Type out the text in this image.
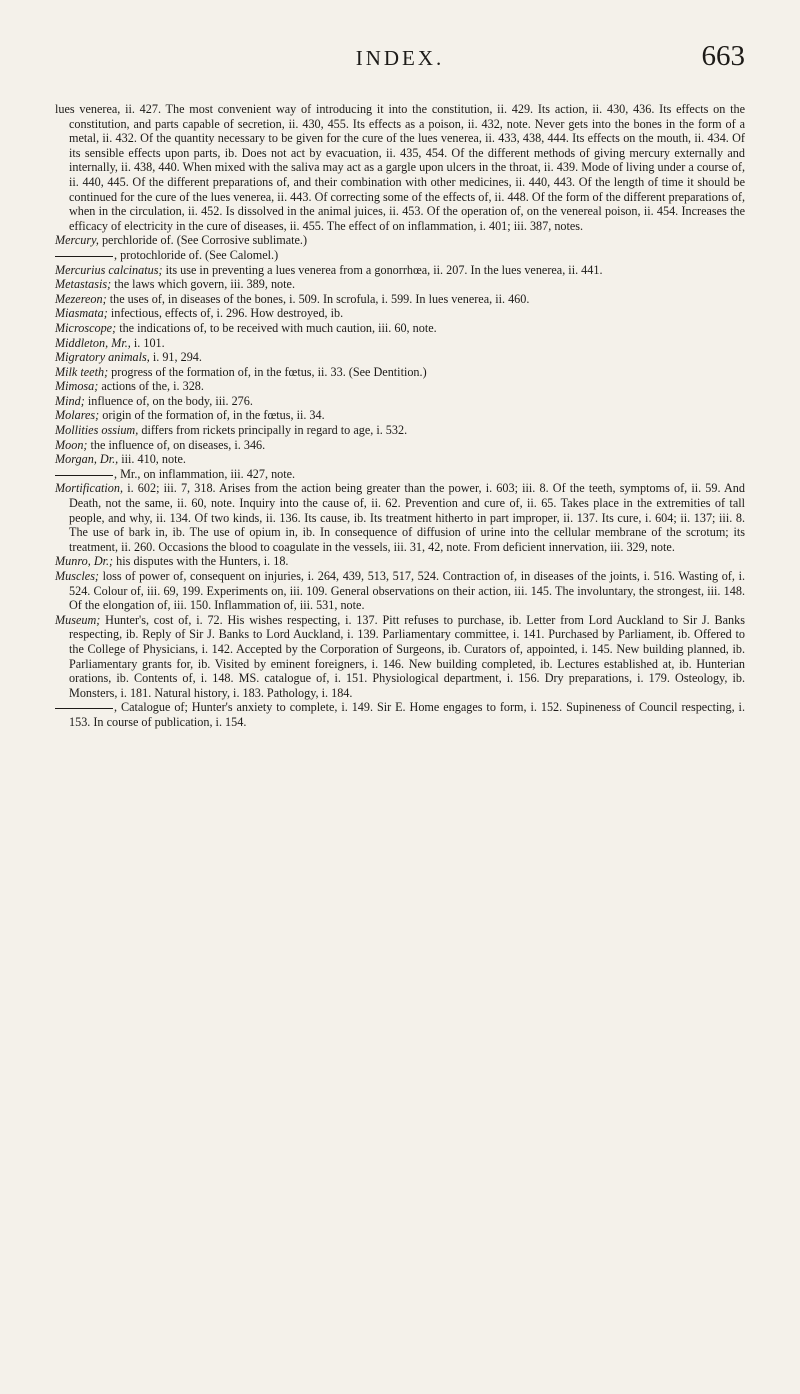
INDEX.	663

lues venerea, ii. 427. The most convenient way of introducing it into the constitution, ii. 429. Its action, ii. 430, 436. Its effects on the constitution, and parts capable of secretion, ii. 430, 455. Its effects as a poison, ii. 432, note. Never gets into the bones in the form of a metal, ii. 432. Of the quantity necessary to be given for the cure of the lues venerea, ii. 433, 438, 444. Its effects on the mouth, ii. 434. Of its sensible effects upon parts, ib. Does not act by evacuation, ii. 435, 454. Of the different methods of giving mercury externally and internally, ii. 438, 440. When mixed with the saliva may act as a gargle upon ulcers in the throat, ii. 439. Mode of living under a course of, ii. 440, 445. Of the different preparations of, and their combination with other medicines, ii. 440, 443. Of the length of time it should be continued for the cure of the lues venerea, ii. 443. Of correcting some of the effects of, ii. 448. Of the form of the different preparations of, when in the circulation, ii. 452. Is dissolved in the animal juices, ii. 453. Of the operation of, on the venereal poison, ii. 454. Increases the efficacy of electricity in the cure of diseases, ii. 455. The effect of on inflammation, i. 401; iii. 387, notes.

Mercury, perchloride of. (See Corrosive sublimate.)

, protochloride of. (See Calomel.)

Mercurius calcinatus; its use in preventing a lues venerea from a gonorrhœa, ii. 207. In the lues venerea, ii. 441.

Metastasis; the laws which govern, iii. 389, note.

Mezereon; the uses of, in diseases of the bones, i. 509. In scrofula, i. 599. In lues venerea, ii. 460.

Miasmata; infectious, effects of, i. 296. How destroyed, ib.

Microscope; the indications of, to be received with much caution, iii. 60, note.

Middleton, Mr., i. 101.

Migratory animals, i. 91, 294.

Milk teeth; progress of the formation of, in the fœtus, ii. 33. (See Dentition.)

Mimosa; actions of the, i. 328.

Mind; influence of, on the body, iii. 276.

Molares; origin of the formation of, in the fœtus, ii. 34.

Mollities ossium, differs from rickets principally in regard to age, i. 532.

Moon; the influence of, on diseases, i. 346.

Morgan, Dr., iii. 410, note.

, Mr., on inflammation, iii. 427, note.

Mortification, i. 602; iii. 7, 318. Arises from the action being greater than the power, i. 603; iii. 8. Of the teeth, symptoms of, ii. 59. And Death, not the same, ii. 60, note. Inquiry into the cause of, ii. 62. Prevention and cure of, ii. 65. Takes place in the extremities of tall people, and why, ii. 134. Of two kinds, ii. 136. Its cause, ib. Its treatment hitherto in part improper, ii. 137. Its cure, i. 604; ii. 137; iii. 8. The use of bark in, ib. The use of opium in, ib. In consequence of diffusion of urine into the cellular membrane of the scrotum; its treatment, ii. 260. Occasions the blood to coagulate in the vessels, iii. 31, 42, note. From deficient innervation, iii. 329, note.

Munro, Dr.; his disputes with the Hunters, i. 18.

Muscles; loss of power of, consequent on injuries, i. 264, 439, 513, 517, 524. Contraction of, in diseases of the joints, i. 516. Wasting of, i. 524. Colour of, iii. 69, 199. Experiments on, iii. 109. General observations on their action, iii. 145. The involuntary, the strongest, iii. 148. Of the elongation of, iii. 150. Inflammation of, iii. 531, note.

Museum; Hunter's, cost of, i. 72. His wishes respecting, i. 137. Pitt refuses to purchase, ib. Letter from Lord Auckland to Sir J. Banks respecting, ib. Reply of Sir J. Banks to Lord Auckland, i. 139. Parliamentary committee, i. 141. Purchased by Parliament, ib. Offered to the College of Physicians, i. 142. Accepted by the Corporation of Surgeons, ib. Curators of, appointed, i. 145. New building planned, ib. Parliamentary grants for, ib. Visited by eminent foreigners, i. 146. New building completed, ib. Lectures established at, ib. Hunterian orations, ib. Contents of, i. 148. MS. catalogue of, i. 151. Physiological department, i. 156. Dry preparations, i. 179. Osteology, ib. Monsters, i. 181. Natural history, i. 183. Pathology, i. 184.

, Catalogue of; Hunter's anxiety to complete, i. 149. Sir E. Home engages to form, i. 152. Supineness of Council respecting, i. 153. In course of publication, i. 154.
